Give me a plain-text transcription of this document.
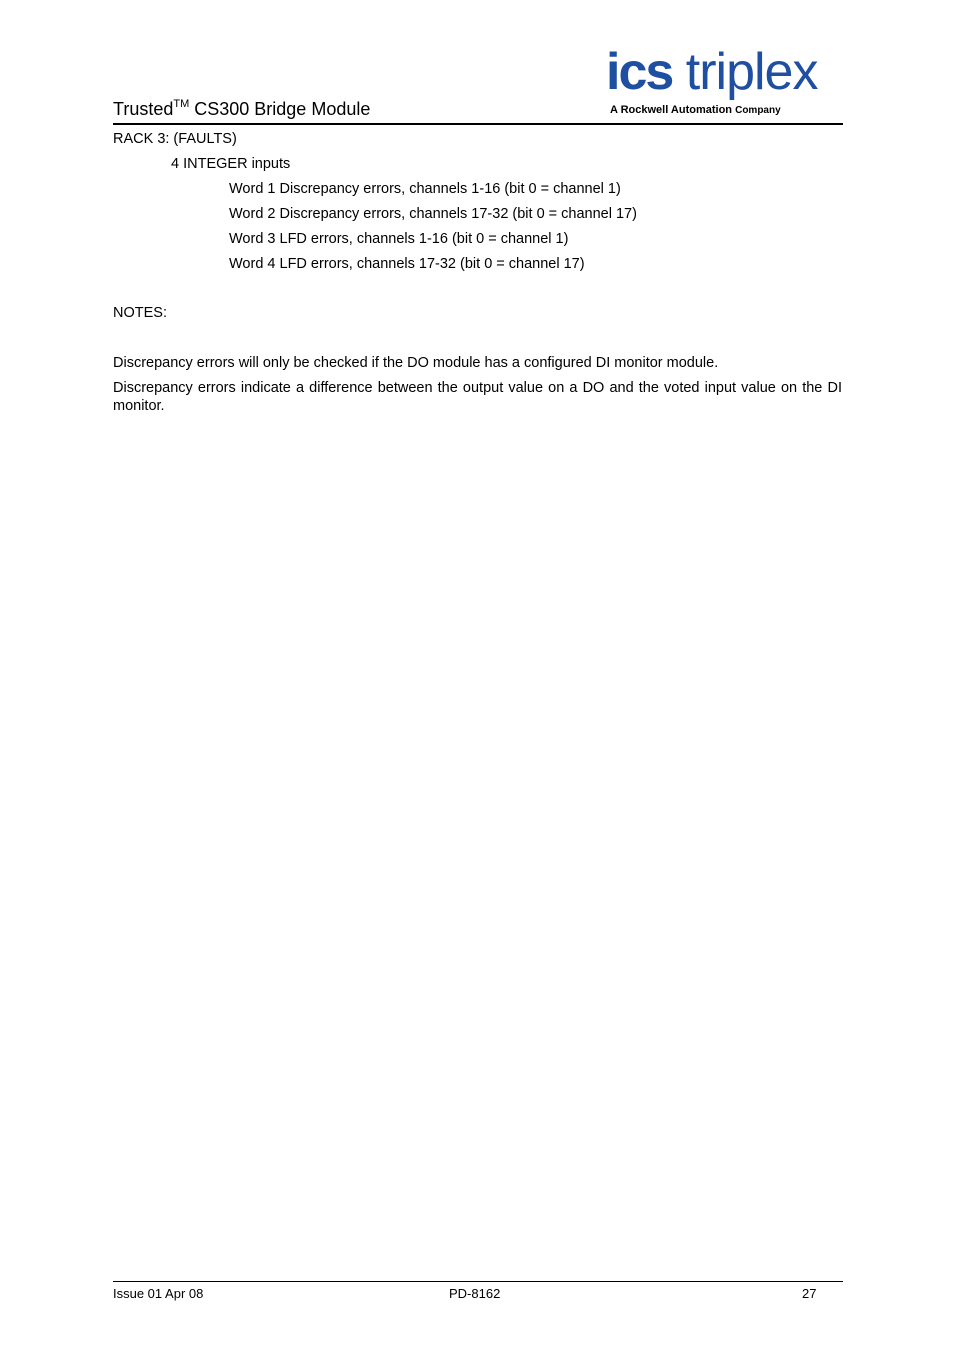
Trusted™ CS300 Bridge Module
ics triplex
A Rockwell Automation Company
RACK 3: (FAULTS)
4 INTEGER inputs
Word 1 Discrepancy errors, channels 1-16 (bit 0 = channel 1)
Word 2 Discrepancy errors, channels 17-32 (bit 0 = channel 17)
Word 3 LFD errors, channels 1-16 (bit 0 = channel 1)
Word 4 LFD errors, channels 17-32 (bit 0 = channel 17)
NOTES:
Discrepancy errors will only be checked if the DO module has a configured DI monitor module.
Discrepancy errors indicate a difference between the output value on a DO and the voted input value on the DI monitor.
Issue 01 Apr 08	PD-8162	27
